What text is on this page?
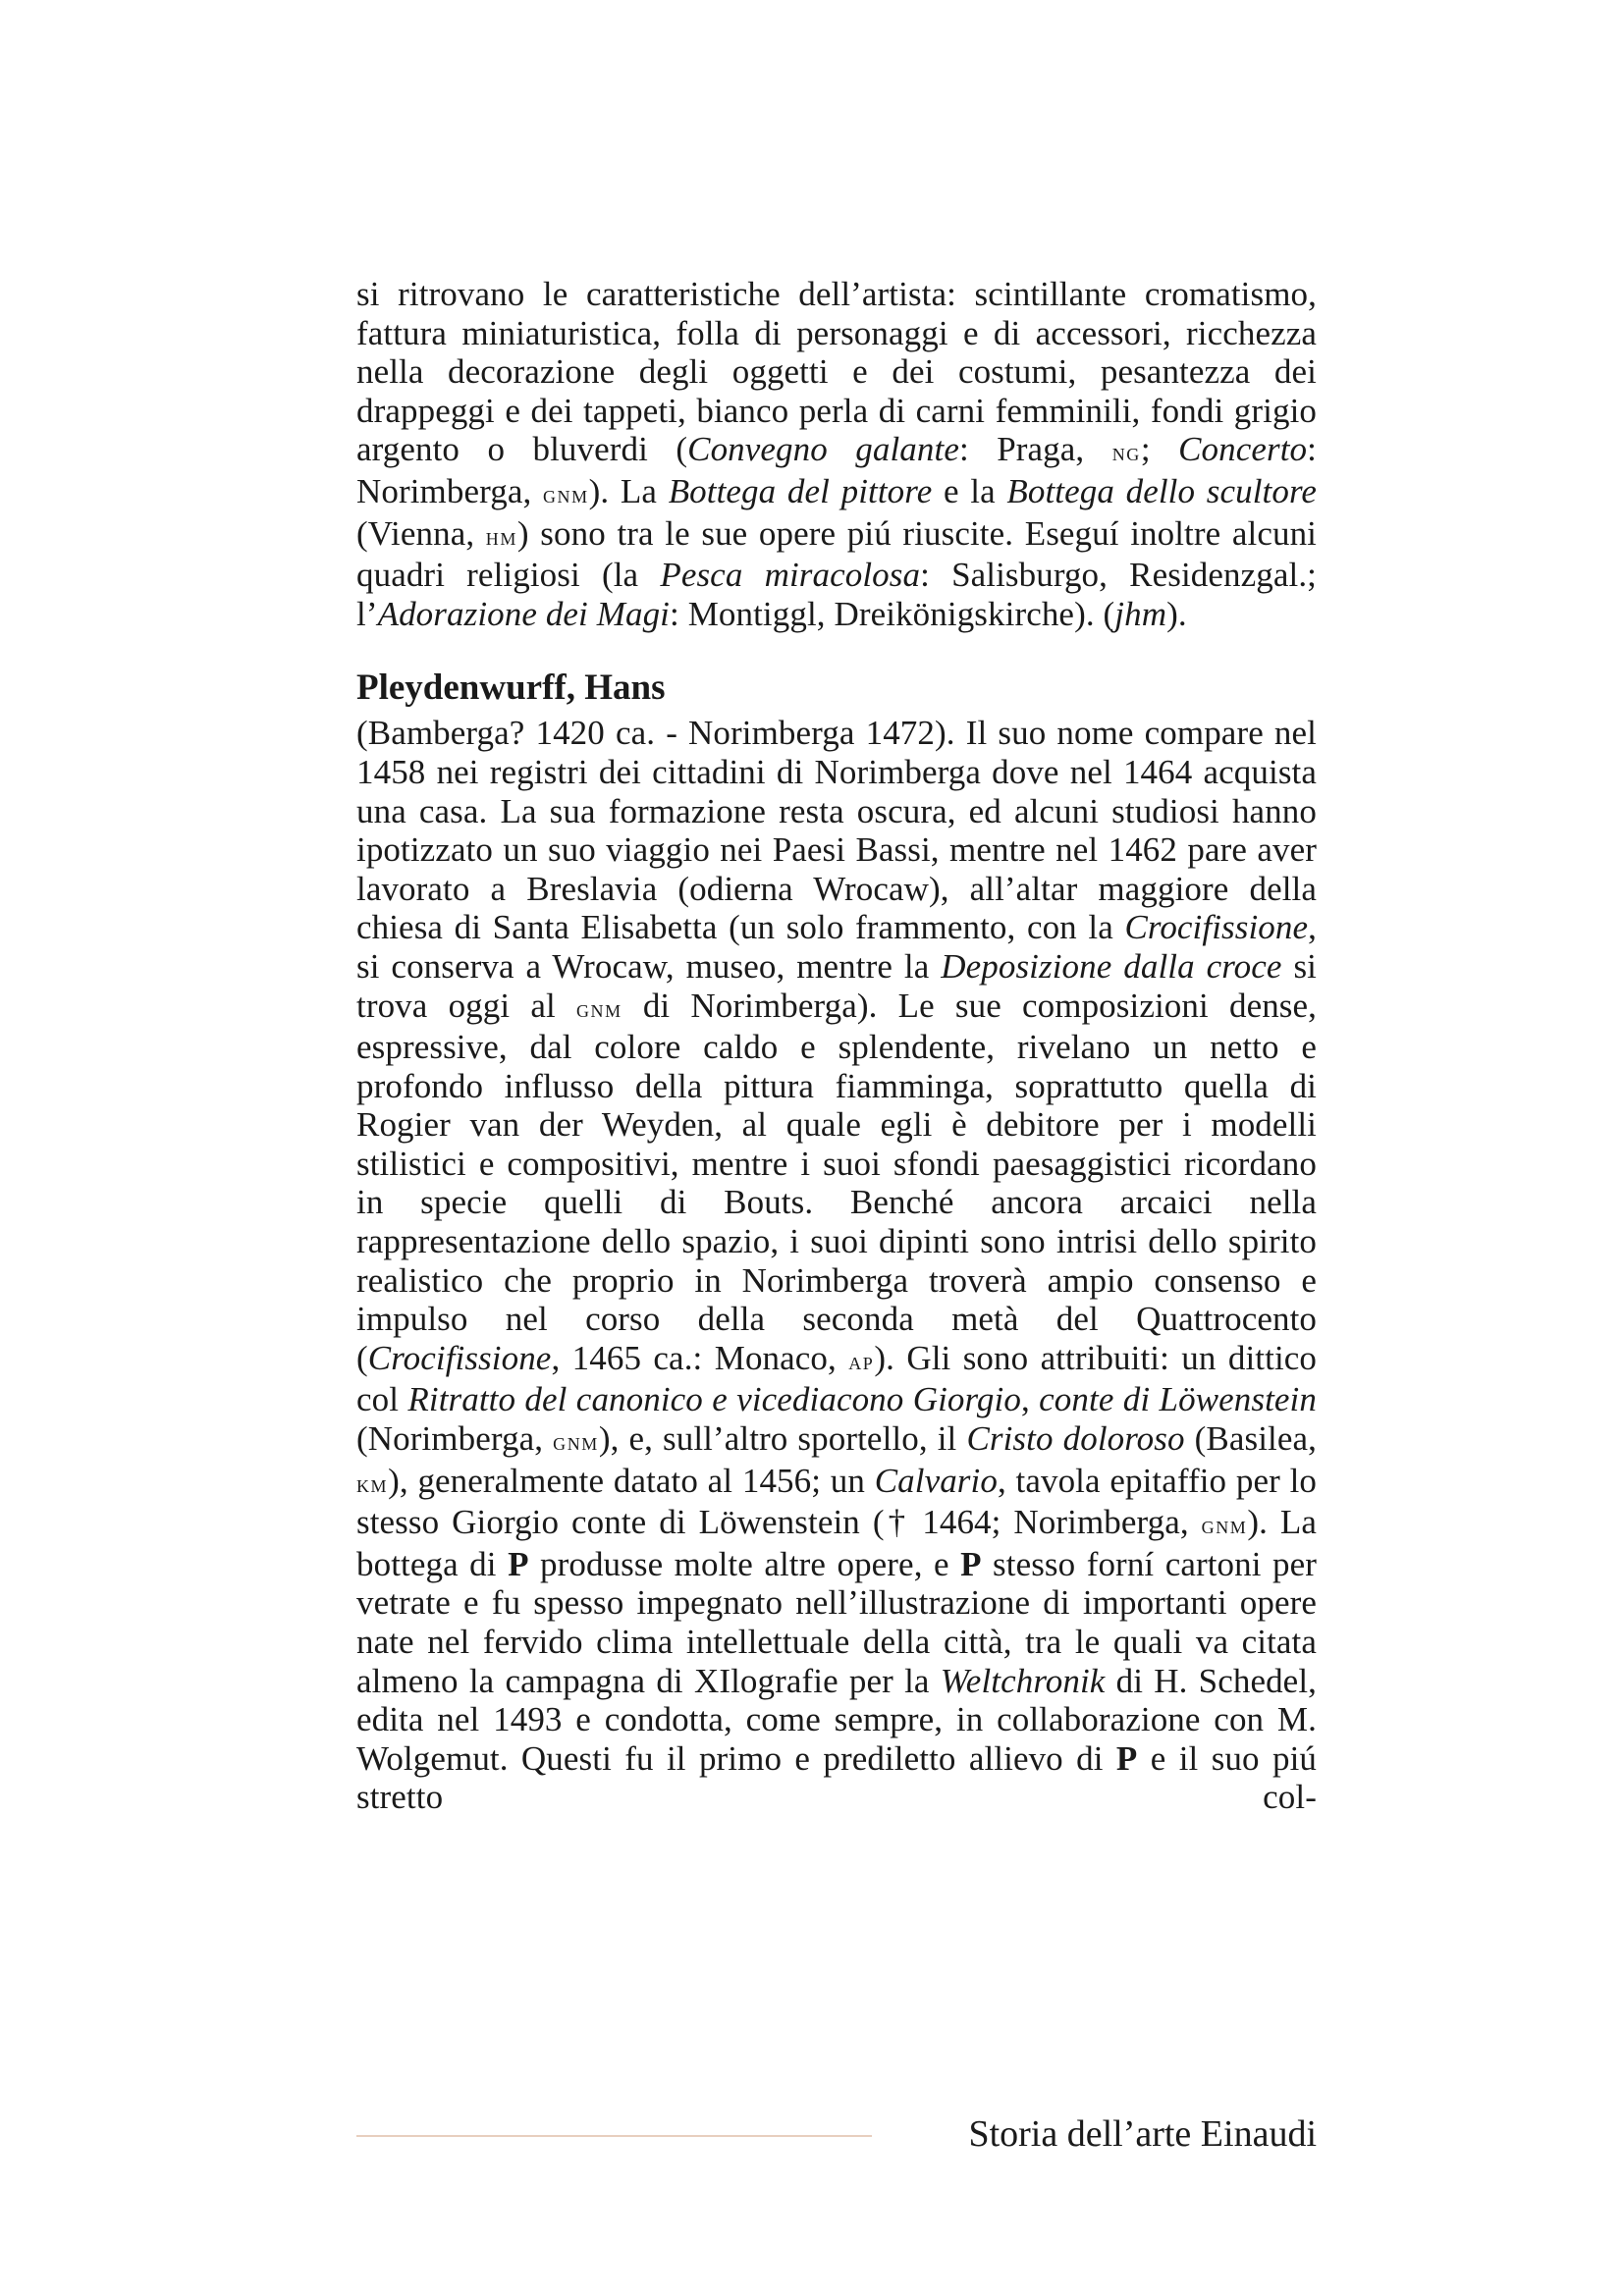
si ritrovano le caratteristiche dell’artista: scintillante cromatismo, fattura miniaturistica, folla di personaggi e di accessori, ricchezza nella decorazione degli oggetti e dei costumi, pesantezza dei drappeggi e dei tappeti, bianco perla di carni femminili, fondi grigio argento o bluverdi (Convegno galante: Praga, ng; Concerto: Norimberga, gnm). La Bottega del pittore e la Bottega dello scultore (Vienna, hm) sono tra le sue opere piú riuscite. Eseguí inoltre alcuni quadri religiosi (la Pesca miracolosa: Salisburgo, Residenzgal.; l’Adorazione dei Magi: Montiggl, Dreikönigskirche). (jhm).

Pleydenwurff, Hans

(Bamberga? 1420 ca. - Norimberga 1472). Il suo nome compare nel 1458 nei registri dei cittadini di Norimberga dove nel 1464 acquista una casa. La sua formazione resta oscura, ed alcuni studiosi hanno ipotizzato un suo viaggio nei Paesi Bassi, mentre nel 1462 pare aver lavorato a Breslavia (odierna Wrocaw), all’altar maggiore della chiesa di Santa Elisabetta (un solo frammento, con la Crocifissione, si conserva a Wrocaw, museo, mentre la Deposizione dalla croce si trova oggi al gnm di Norimberga). Le sue composizioni dense, espressive, dal colore caldo e splendente, rivelano un netto e profondo influsso della pittura fiamminga, soprattutto quella di Rogier van der Weyden, al quale egli è debitore per i modelli stilistici e compositivi, mentre i suoi sfondi paesaggistici ricordano in specie quelli di Bouts. Benché ancora arcaici nella rappresentazione dello spazio, i suoi dipinti sono intrisi dello spirito realistico che proprio in Norimberga troverà ampio consenso e impulso nel corso della seconda metà del Quattrocento (Crocifissione, 1465 ca.: Monaco, ap). Gli sono attribuiti: un dittico col Ritratto del canonico e vicediacono Giorgio, conte di Löwenstein (Norimberga, gnm), e, sull’altro sportello, il Cristo doloroso (Basilea, km), generalmente datato al 1456; un Calvario, tavola epitaffio per lo stesso Giorgio conte di Löwenstein († 1464; Norimberga, gnm). La bottega di P produsse molte altre opere, e P stesso forní cartoni per vetrate e fu spesso impegnato nell’illustrazione di importanti opere nate nel fervido clima intellettuale della città, tra le quali va citata almeno la campagna di XIlografie per la Weltchronik di H. Schedel, edita nel 1493 e condotta, come sempre, in collaborazione con M. Wolgemut. Questi fu il primo e prediletto allievo di P e il suo piú stretto col-

Storia dell’arte Einaudi
